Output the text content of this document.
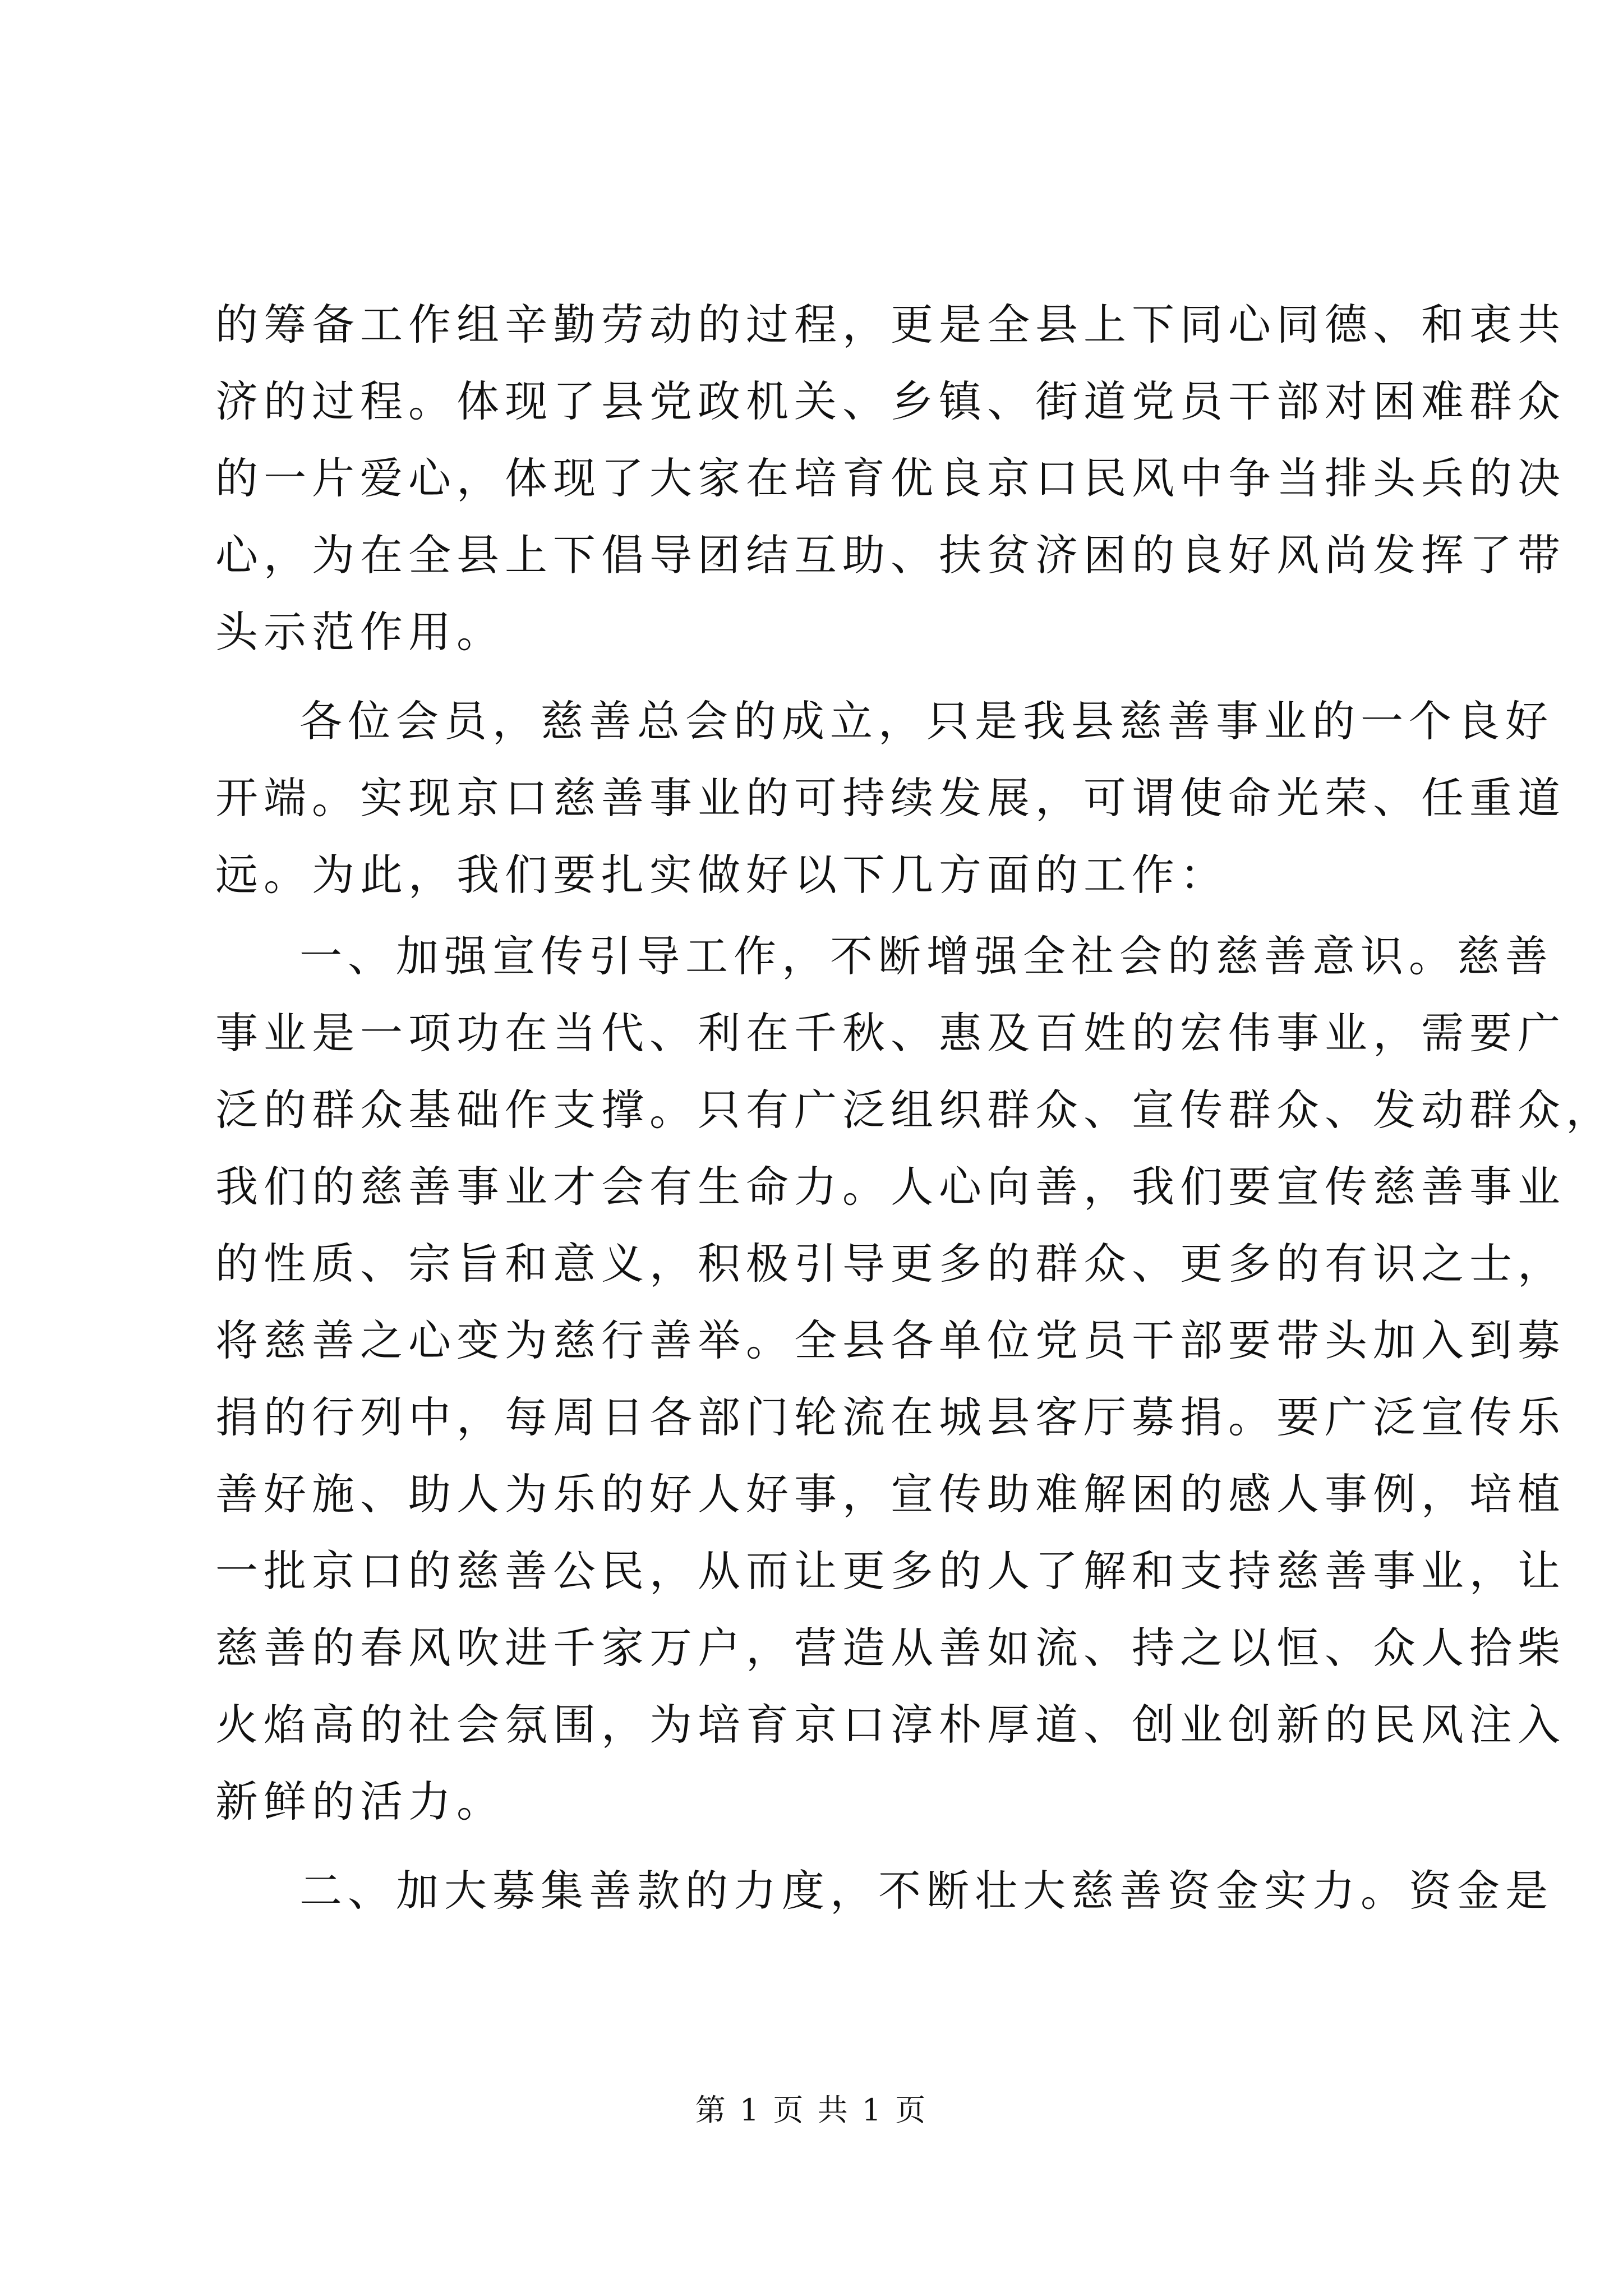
的筹备工作组辛勤劳动的过程，更是全县上下同心同德、和衷共
济的过程。体现了县党政机关、乡镇、街道党员干部对困难群众
的一片爱心，体现了大家在培育优良京口民风中争当排头兵的决
心，为在全县上下倡导团结互助、扶贫济困的良好风尚发挥了带
头示范作用。
各位会员，慈善总会的成立，只是我县慈善事业的一个良好
开端。实现京口慈善事业的可持续发展，可谓使命光荣、任重道
远。为此，我们要扎实做好以下几方面的工作：
一、加强宣传引导工作，不断增强全社会的慈善意识。慈善
事业是一项功在当代、利在千秋、惠及百姓的宏伟事业，需要广
泛的群众基础作支撑。只有广泛组织群众、宣传群众、发动群众，
我们的慈善事业才会有生命力。人心向善，我们要宣传慈善事业
的性质、宗旨和意义，积极引导更多的群众、更多的有识之士，
将慈善之心变为慈行善举。全县各单位党员干部要带头加入到募
捐的行列中，每周日各部门轮流在城县客厅募捐。要广泛宣传乐
善好施、助人为乐的好人好事，宣传助难解困的感人事例，培植
一批京口的慈善公民，从而让更多的人了解和支持慈善事业，让
慈善的春风吹进千家万户，营造从善如流、持之以恒、众人拾柴
火焰高的社会氛围，为培育京口淳朴厚道、创业创新的民风注入
新鲜的活力。
二、加大募集善款的力度，不断壮大慈善资金实力。资金是
第 1 页 共 1 页
